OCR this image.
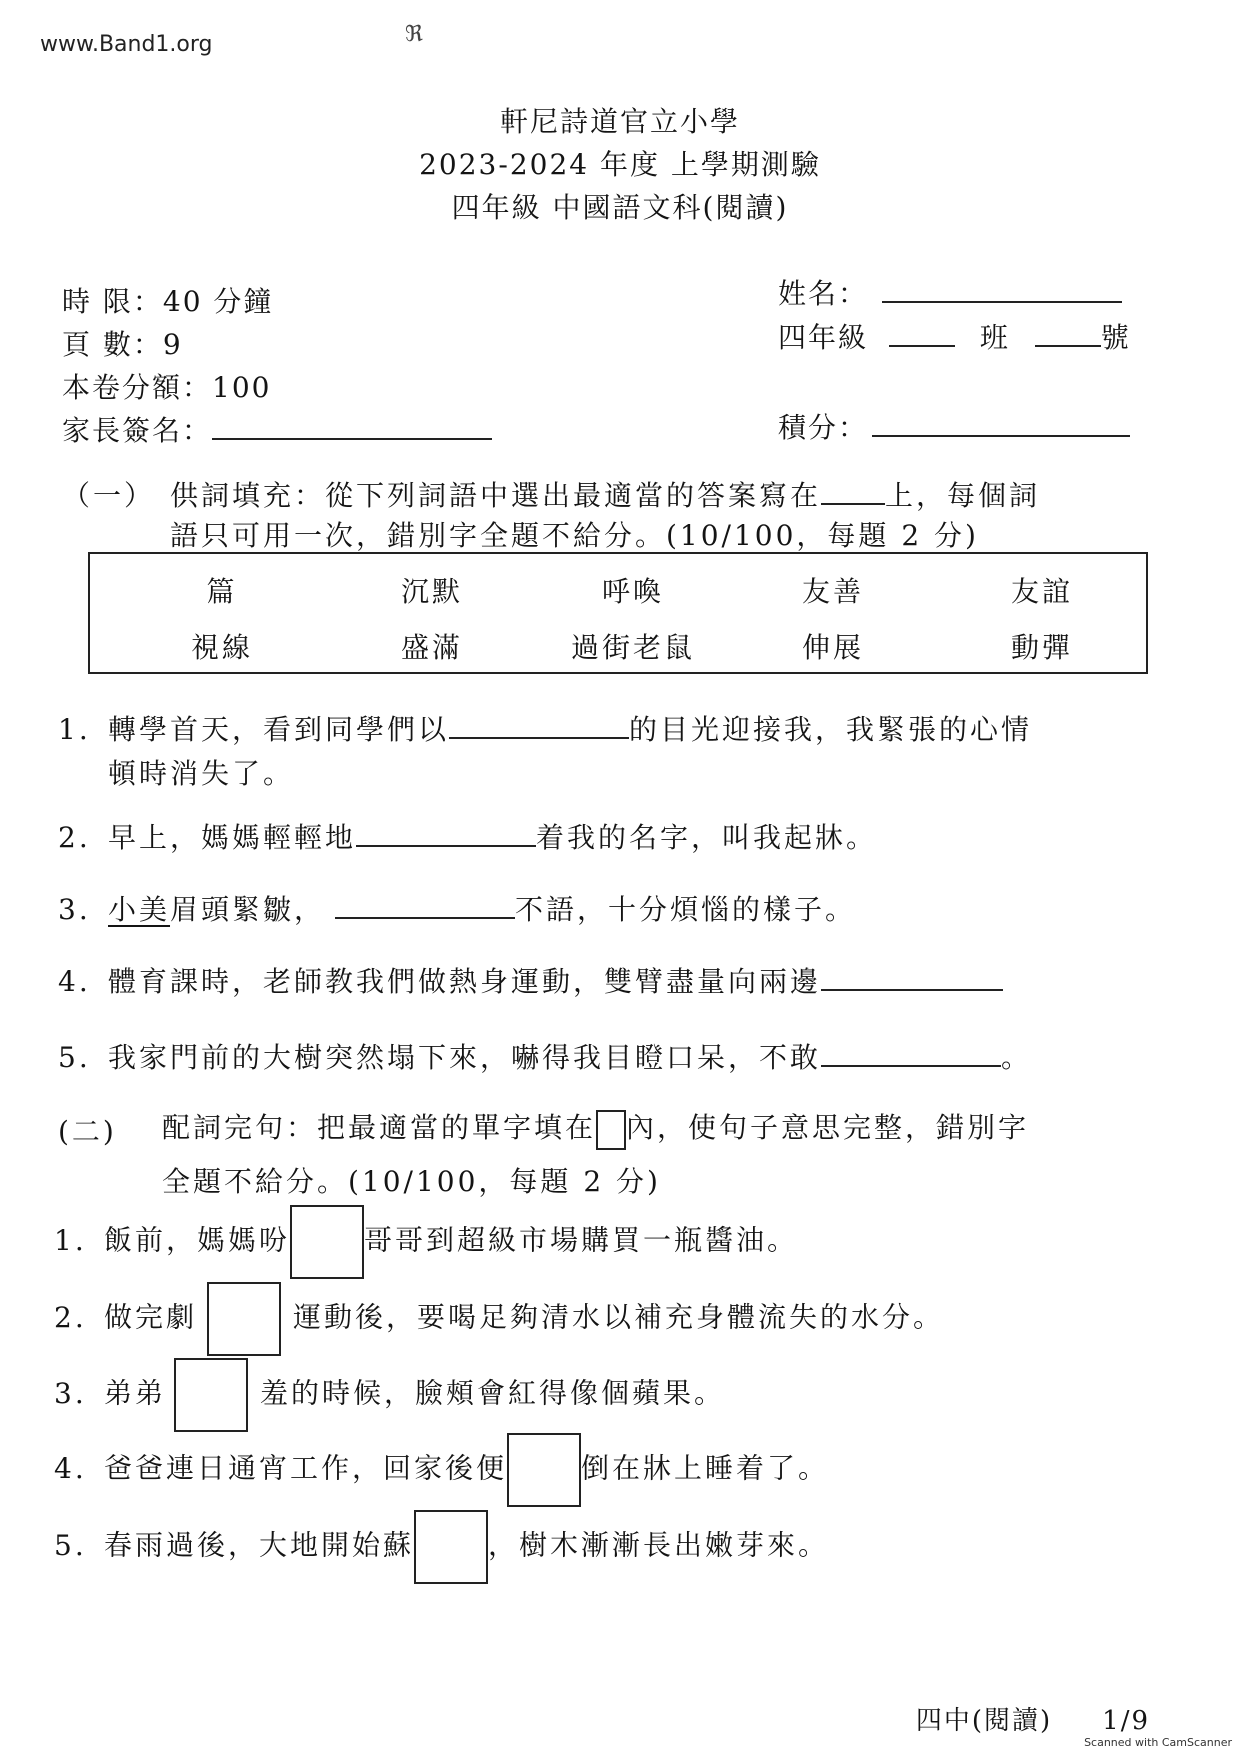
www.Band1.org	ℜ
軒尼詩道官立小學
2023-2024 年度 上學期測驗
四年級 中國語文科(閱讀)
時 限：40 分鐘
頁 數：9
本卷分額：100
家長簽名：
姓名：
四年級	班	號
積分：
（一） 供詞填充：從下列詞語中選出最適當的答案寫在 上，每個詞
語只可用一次，錯別字全題不給分。(10/100，每題 2 分)
篇	沉默	呼喚	友善	友誼
視線	盛滿	過街老鼠	伸展	動彈
1. 轉學首天，看到同學們以	的目光迎接我，我緊張的心情
頓時消失了。
2. 早上，媽媽輕輕地	着我的名字，叫我起牀。
3. 小美眉頭緊皺，	不語，十分煩惱的樣子。
4. 體育課時，老師教我們做熱身運動，雙臂盡量向兩邊
5. 我家門前的大樹突然塌下來，嚇得我目瞪口呆，不敢	。
(二) 配詞完句：把最適當的單字填在 內，使句子意思完整，錯別字
全題不給分。(10/100，每題 2 分)
1. 飯前，媽媽吩	哥哥到超級市場購買一瓶醬油。
2. 做完劇	運動後，要喝足夠清水以補充身體流失的水分。
3. 弟弟	羞的時候，臉頰會紅得像個蘋果。
4. 爸爸連日通宵工作，回家後便	倒在牀上睡着了。
5. 春雨過後，大地開始蘇	，樹木漸漸長出嫩芽來。
四中(閱讀) 1/9
Scanned with CamScanner
